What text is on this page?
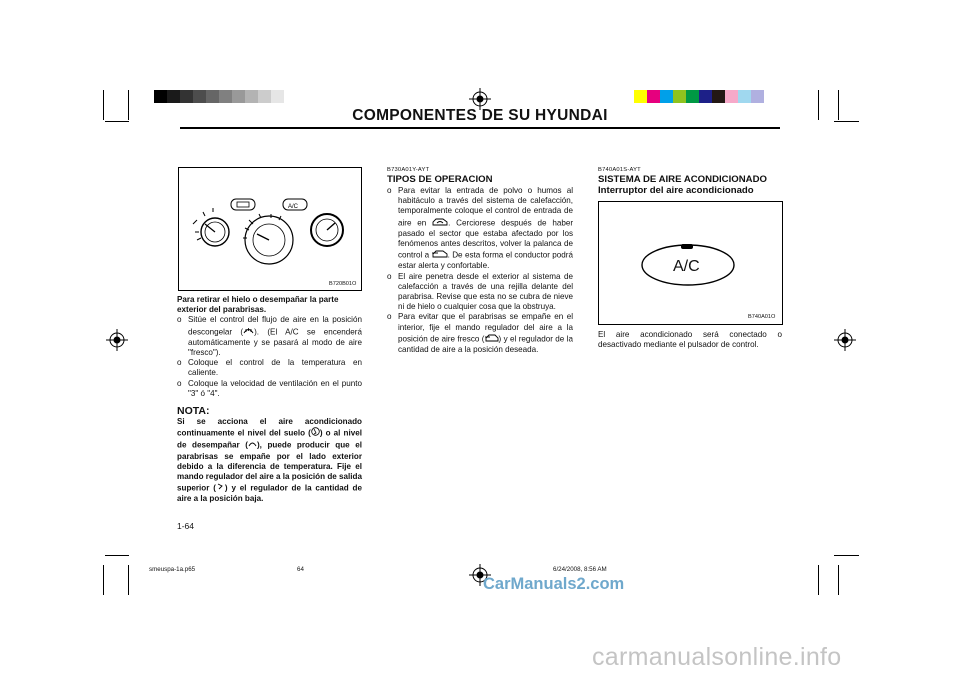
COMPONENTES DE SU HYUNDAI
A/C
B720B01O

Para retirar el hielo o desempañar la parte exterior del parabrisas.

o Sitúe el control del flujo de aire en la posición descongelar ( ). (El A/C se encenderá automáticamente y se pasará al modo de aire "fresco").
o Coloque el control de la temperatura en caliente.
o Coloque la velocidad de ventilación en el punto "3" ó "4".

NOTA:

Si se acciona el aire acondicionado continuamente el nivel del suelo ( ) o al nivel de desempañar ( ), puede producir que el parabrisas se empañe por el lado exterior debido a la diferencia de temperatura. Fije el mando regulador del aire a la posición de salida superior ( ) y el regulador de la cantidad de aire a la posición baja.

1-64

B730A01Y-AYT

TIPOS DE OPERACION

o Para evitar la entrada de polvo o humos al habitáculo a través del sistema de calefacción, temporalmente coloque el control de entrada de aire en	. Cerciorese después de haber pasado el sector que estaba afectado por los fenómenos antes descritos, volver la palanca de control a . De esta forma el conductor podrá estar alerta y confortable.
o El aire penetra desde el exterior al sistema de calefacción a través de una rejilla delante del parabrisa. Revise que esta no se cubra de nieve ni de hielo o cualquier cosa que la obstruya.
o Para evitar que el parabrisas se empañe en el interior, fije el mando regulador del aire a la posición de aire fresco ( ) y el regulador de la cantidad de aire a la posición deseada.

B740A01S-AYT

SISTEMA DE AIRE ACONDICIONADO

Interruptor del aire acondicionado

A/C
B740A01O
El aire acondicionado será conectado o desactivado mediante el pulsador de control.
smeuspa-1a.p65	64	6/24/2008, 8:56 AM
CarManuals2.com
carmanualsonline.info
